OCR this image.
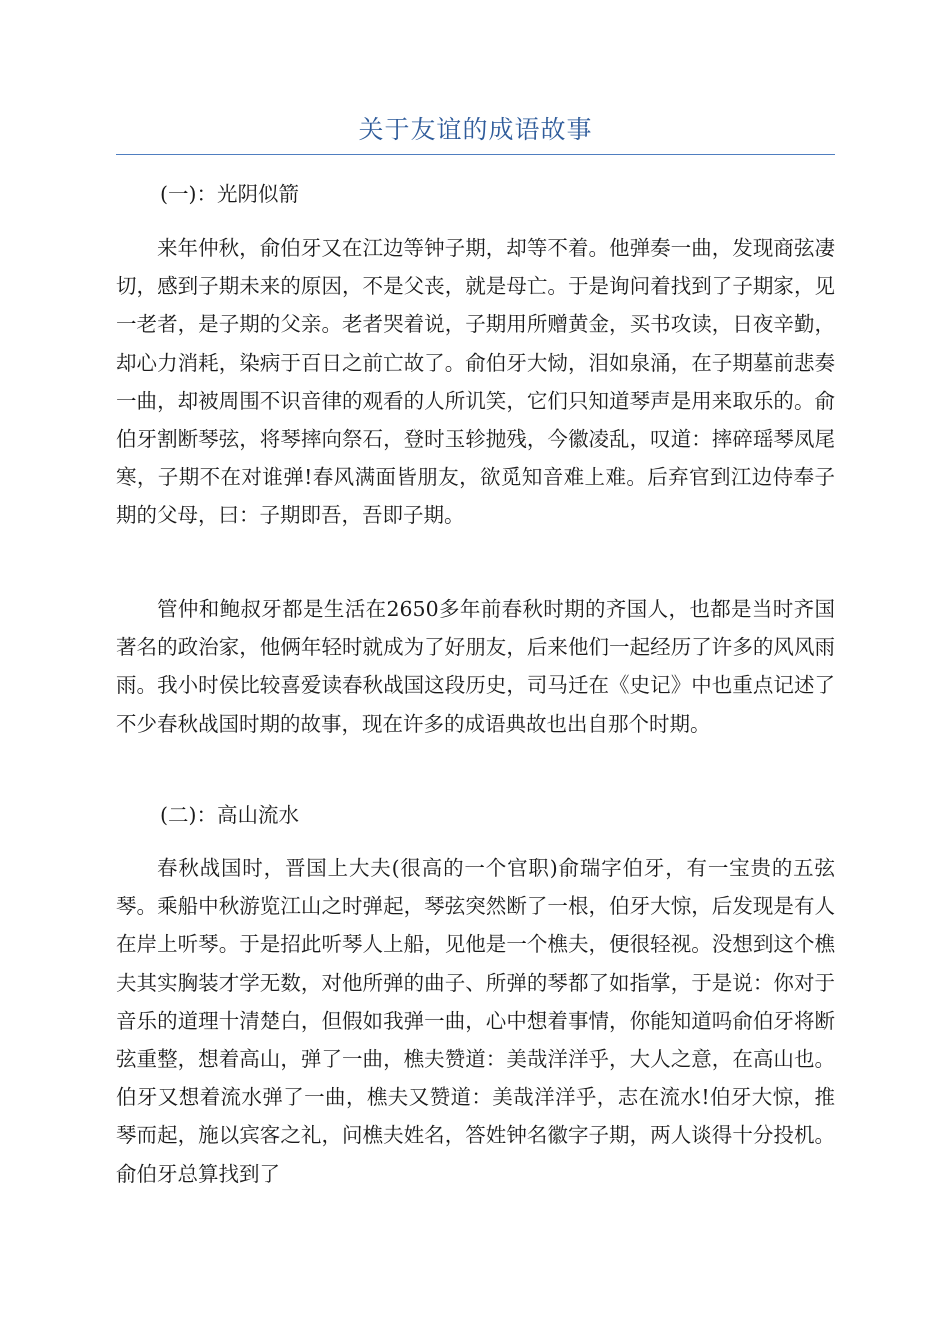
关于友谊的成语故事

(一)：光阴似箭

来年仲秋，俞伯牙又在江边等钟子期，却等不着。他弹奏一曲，发现商弦凄切，感到子期未来的原因，不是父丧，就是母亡。于是询问着找到了子期家，见一老者，是子期的父亲。老者哭着说，子期用所赠黄金，买书攻读，日夜辛勤，却心力消耗，染病于百日之前亡故了。俞伯牙大恸，泪如泉涌，在子期墓前悲奏一曲，却被周围不识音律的观看的人所讥笑，它们只知道琴声是用来取乐的。俞伯牙割断琴弦，将琴摔向祭石，登时玉轸抛残，今徽凌乱，叹道：摔碎瑶琴凤尾寒，子期不在对谁弹!春风满面皆朋友，欲觅知音难上难。后弃官到江边侍奉子期的父母，曰：子期即吾，吾即子期。

管仲和鲍叔牙都是生活在2650多年前春秋时期的齐国人，也都是当时齐国著名的政治家，他俩年轻时就成为了好朋友，后来他们一起经历了许多的风风雨雨。我小时侯比较喜爱读春秋战国这段历史，司马迁在《史记》中也重点记述了不少春秋战国时期的故事，现在许多的成语典故也出自那个时期。

(二)：高山流水

春秋战国时，晋国上大夫(很高的一个官职)俞瑞字伯牙，有一宝贵的五弦琴。乘船中秋游览江山之时弹起，琴弦突然断了一根，伯牙大惊，后发现是有人在岸上听琴。于是招此听琴人上船，见他是一个樵夫，便很轻视。没想到这个樵夫其实胸装才学无数，对他所弹的曲子、所弹的琴都了如指掌，于是说：你对于音乐的道理十清楚白，但假如我弹一曲，心中想着事情，你能知道吗俞伯牙将断弦重整，想着高山，弹了一曲，樵夫赞道：美哉洋洋乎，大人之意，在高山也。伯牙又想着流水弹了一曲，樵夫又赞道：美哉洋洋乎，志在流水!伯牙大惊，推琴而起，施以宾客之礼，问樵夫姓名，答姓钟名徽字子期，两人谈得十分投机。俞伯牙总算找到了
